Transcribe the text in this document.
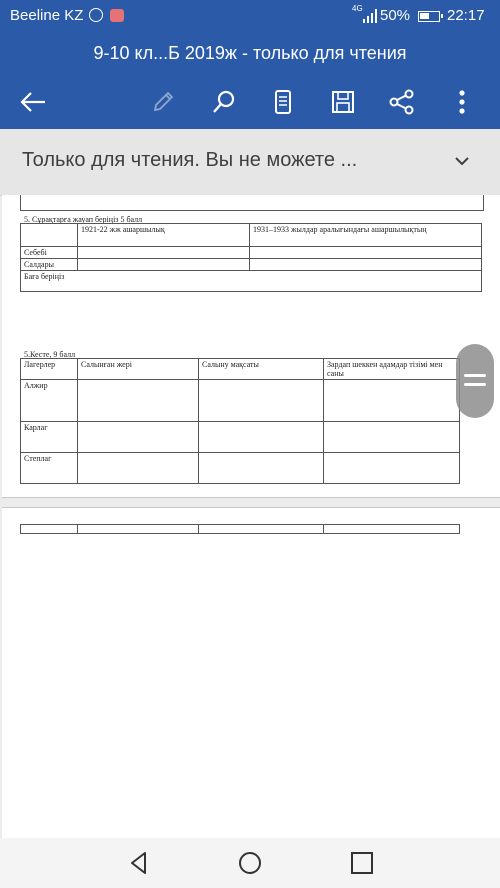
Beeline KZ	4G 50% 22:17
9-10 кл...Б 2019ж - только для чтения
Только для чтения. Вы не можете ...
5. Сұрақтарға жауап беріңіз 5 балл
	1921-22 жж ашаршылық	1931–1933 жылдар аралығындағы ашаршылықтың
Себебі		
Салдары		
Баға беріңіз		
5.Кесте, 9 балл
Лагерлер	Салынған жері	Салыну мақсаты	Зардап шеккен адамдар тізімі мен саны
Алжир			
Карлаг			
Степлаг			
